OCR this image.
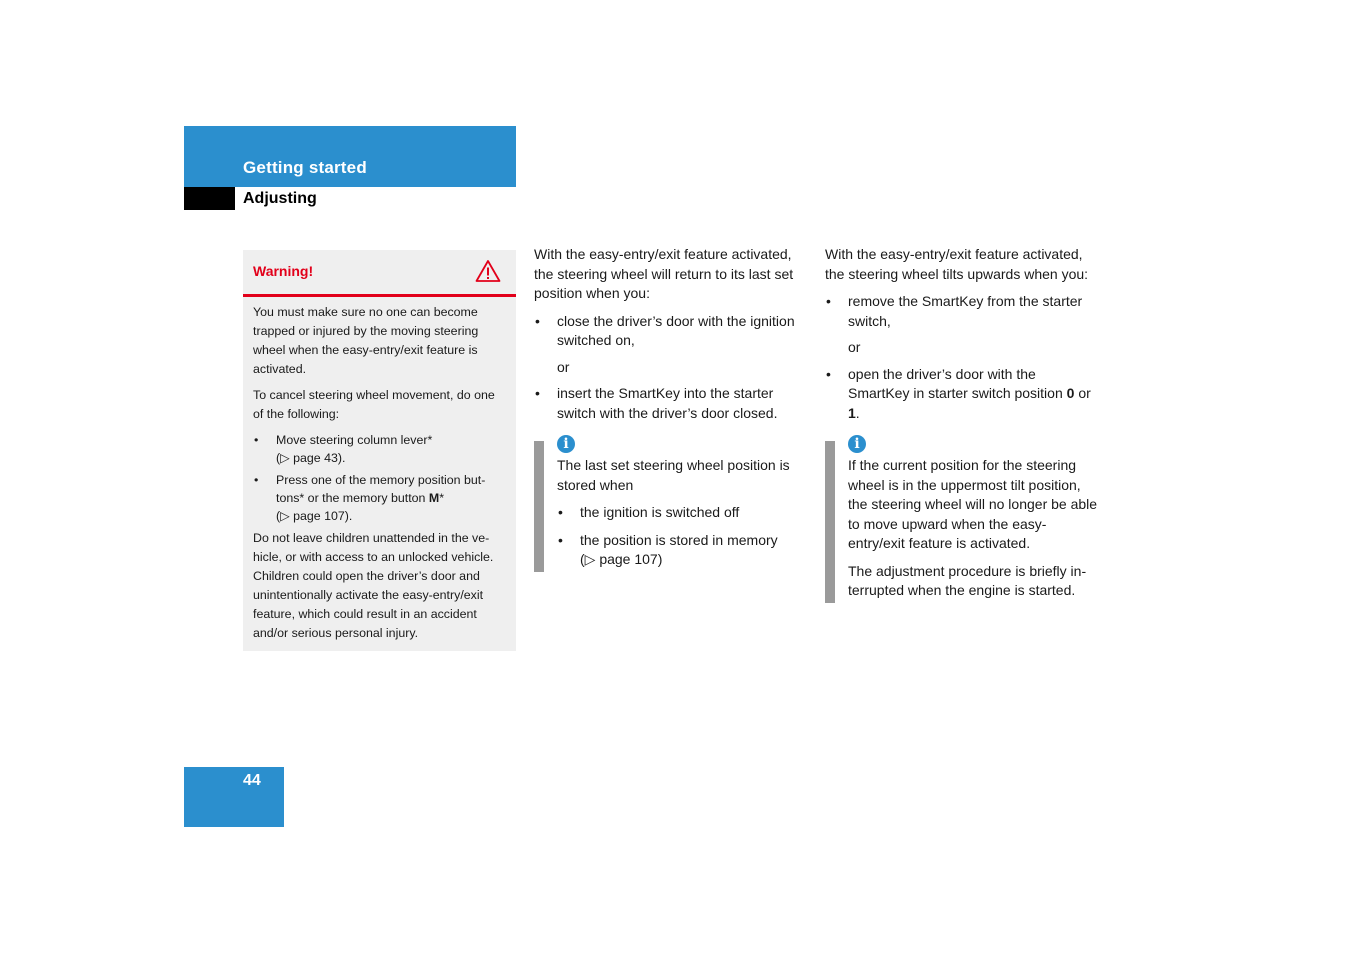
Getting started
Adjusting
Warning!

You must make sure no one can become trapped or injured by the moving steering wheel when the easy-entry/exit feature is activated.

To cancel steering wheel movement, do one of the following:

• Move steering column lever*
(▷ page 43).
• Press one of the memory position buttons* or the memory button M*
(▷ page 107).

Do not leave children unattended in the vehicle, or with access to an unlocked vehicle. Children could open the driver’s door and unintentionally activate the easy-entry/exit feature, which could result in an accident and/or serious personal injury.

With the easy-entry/exit feature activated, the steering wheel will return to its last set position when you:

• close the driver’s door with the ignition switched on,

or

• insert the SmartKey into the starter switch with the driver’s door closed.
i

The last set steering wheel position is stored when

• the ignition is switched off
• the position is stored in memory
(▷ page 107)

With the easy-entry/exit feature activated, the steering wheel tilts upwards when you:

• remove the SmartKey from the starter switch,

or

• open the driver’s door with the SmartKey in starter switch position 0 or 1.
i

If the current position for the steering wheel is in the uppermost tilt position, the steering wheel will no longer be able to move upward when the easy-entry/exit feature is activated.

The adjustment procedure is briefly interrupted when the engine is started.

44
